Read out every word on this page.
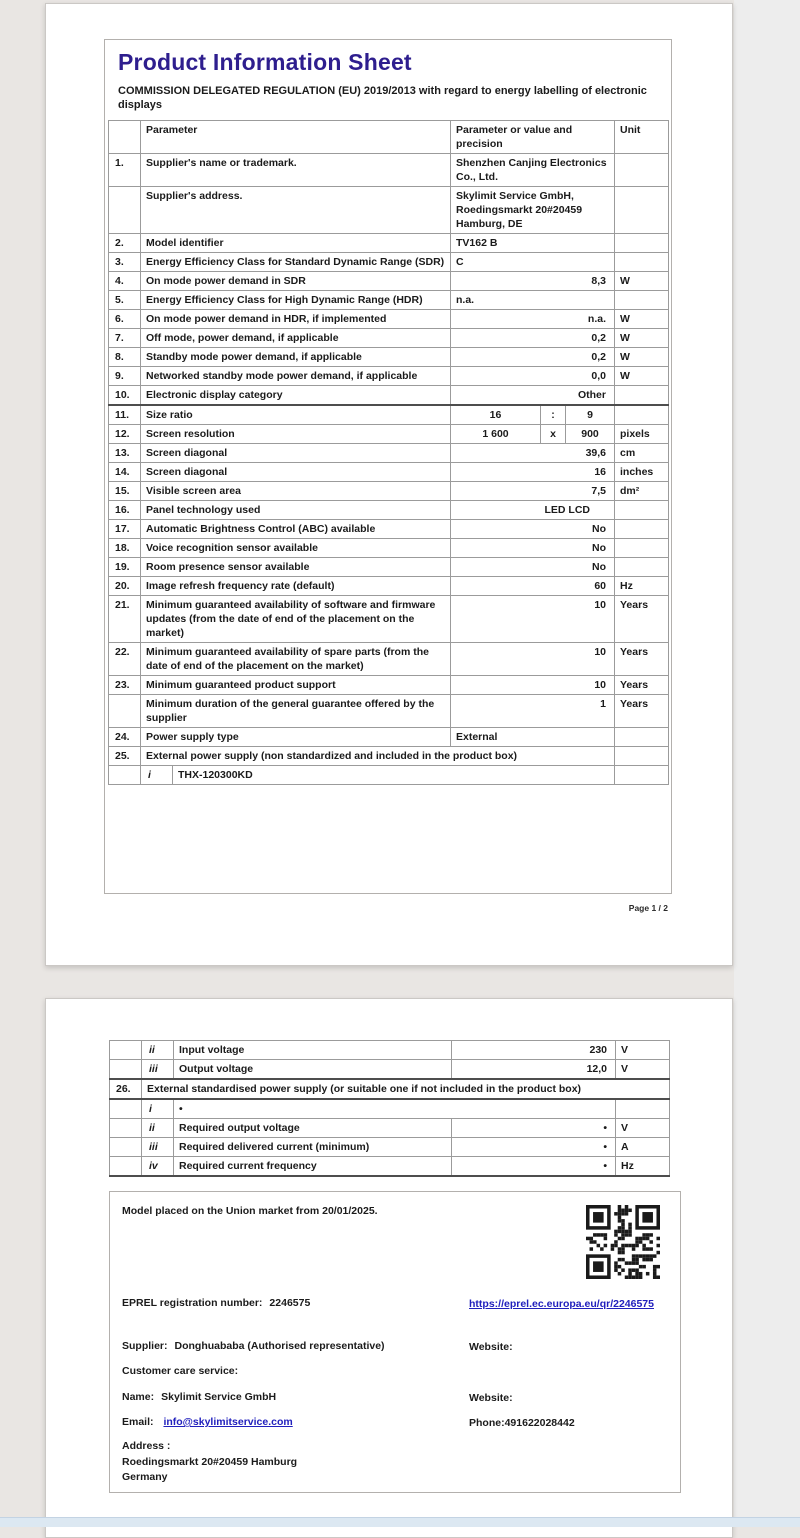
Product Information Sheet

COMMISSION DELEGATED REGULATION (EU) 2019/2013 with regard to energy labelling of electronic displays

	Parameter		Parameter or value and precision			Unit
1.	Supplier's name or trademark.		Shenzhen Canjing Electronics Co., Ltd.			
	Supplier's address.		Skylimit Service GmbH, Roedingsmarkt 20#20459 Hamburg, DE			
2.	Model identifier		TV162 B			
3.	Energy Efficiency Class for Standard Dynamic Range (SDR)		C			
4.	On mode power demand in SDR		8,3			W
5.	Energy Efficiency Class for High Dynamic Range (HDR)		n.a.			
6.	On mode power demand in HDR, if implemented		n.a.			W
7.	Off mode, power demand, if applicable		0,2			W
8.	Standby mode power demand, if applicable		0,2			W
9.	Networked standby mode power demand, if applicable		0,0			W
10.	Electronic display category		Other			
11.	Size ratio		16	:	9	
12.	Screen resolution		1 600	x	900	pixels
13.	Screen diagonal		39,6			cm
14.	Screen diagonal		16			inches
15.	Visible screen area		7,5			dm²
16.	Panel technology used		LED LCD			
17.	Automatic Brightness Control (ABC) available		No			
18.	Voice recognition sensor available		No			
19.	Room presence sensor available		No			
20.	Image refresh frequency rate (default)		60			Hz
21.	Minimum guaranteed availability of software and firmware updates (from the date of end of the placement on the market)		10			Years
22.	Minimum guaranteed availability of spare parts (from the date of end of the placement on the market)		10			Years
23.	Minimum guaranteed product support		10			Years
	Minimum duration of the general guarantee offered by the supplier		1			Years
24.	Power supply type		External			
25.	External power supply (non standardized and included in the product box)					
	i	THX-120300KD				
Page 1 / 2
	ii	Input voltage	230	V
	iii	Output voltage	12,0	V
26.	External standardised power supply (or suitable one if not included in the product box)			
	i	•		
	ii	Required output voltage	•	V
	iii	Required delivered current (minimum)	•	A
	iv	Required current frequency	•	Hz
Model placed on the Union market from 20/01/2025.
EPREL registration number: 2246575	https://eprel.ec.europa.eu/qr/2246575
Supplier: Donghuababa (Authorised representative)	Website:
Customer care service:
Name: Skylimit Service GmbH	Website:
Email: info@skylimitservice.com	Phone:491622028442
Address :
Roedingsmarkt 20#20459 Hamburg
Germany
